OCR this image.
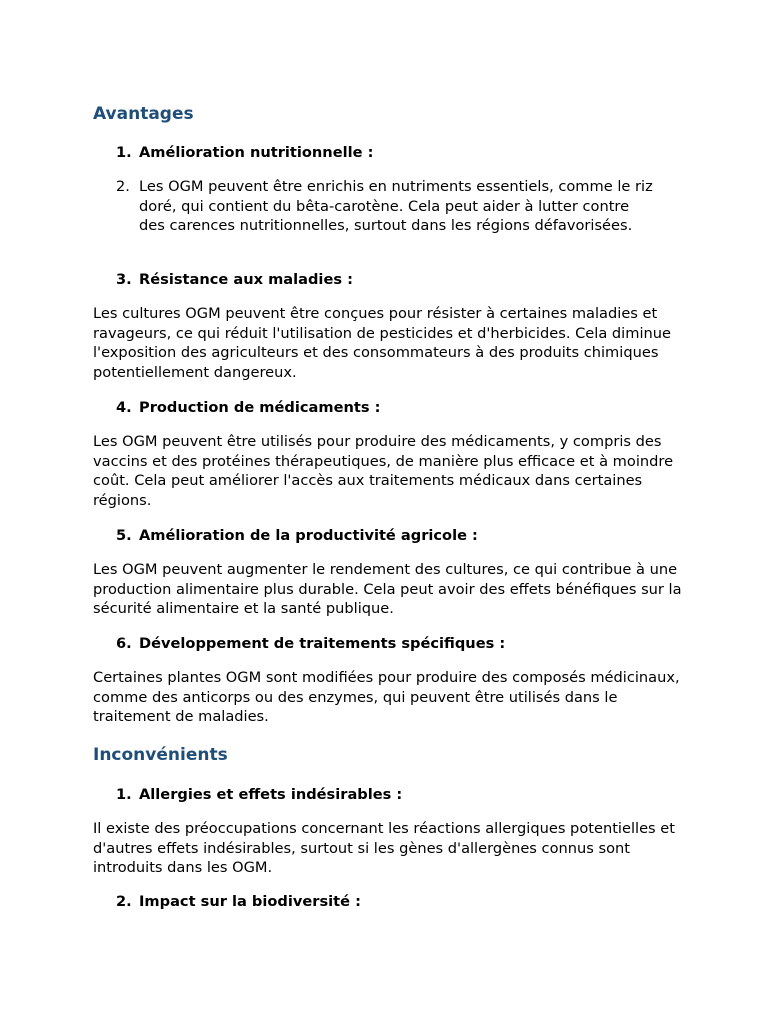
Avantages
1. Amélioration nutritionnelle :
2. Les OGM peuvent être enrichis en nutriments essentiels, comme le riz doré, qui contient du bêta-carotène. Cela peut aider à lutter contre des carences nutritionnelles, surtout dans les régions défavorisées.
3. Résistance aux maladies :

Les cultures OGM peuvent être conçues pour résister à certaines maladies et ravageurs, ce qui réduit l'utilisation de pesticides et d'herbicides. Cela diminue l'exposition des agriculteurs et des consommateurs à des produits chimiques potentiellement dangereux.

4. Production de médicaments :

Les OGM peuvent être utilisés pour produire des médicaments, y compris des vaccins et des protéines thérapeutiques, de manière plus efficace et à moindre coût. Cela peut améliorer l'accès aux traitements médicaux dans certaines régions.

5. Amélioration de la productivité agricole :

Les OGM peuvent augmenter le rendement des cultures, ce qui contribue à une production alimentaire plus durable. Cela peut avoir des effets bénéfiques sur la sécurité alimentaire et la santé publique.

6. Développement de traitements spécifiques :

Certaines plantes OGM sont modifiées pour produire des composés médicinaux, comme des anticorps ou des enzymes, qui peuvent être utilisés dans le traitement de maladies.

Inconvénients
1. Allergies et effets indésirables :

Il existe des préoccupations concernant les réactions allergiques potentielles et d'autres effets indésirables, surtout si les gènes d'allergènes connus sont introduits dans les OGM.

2. Impact sur la biodiversité :
